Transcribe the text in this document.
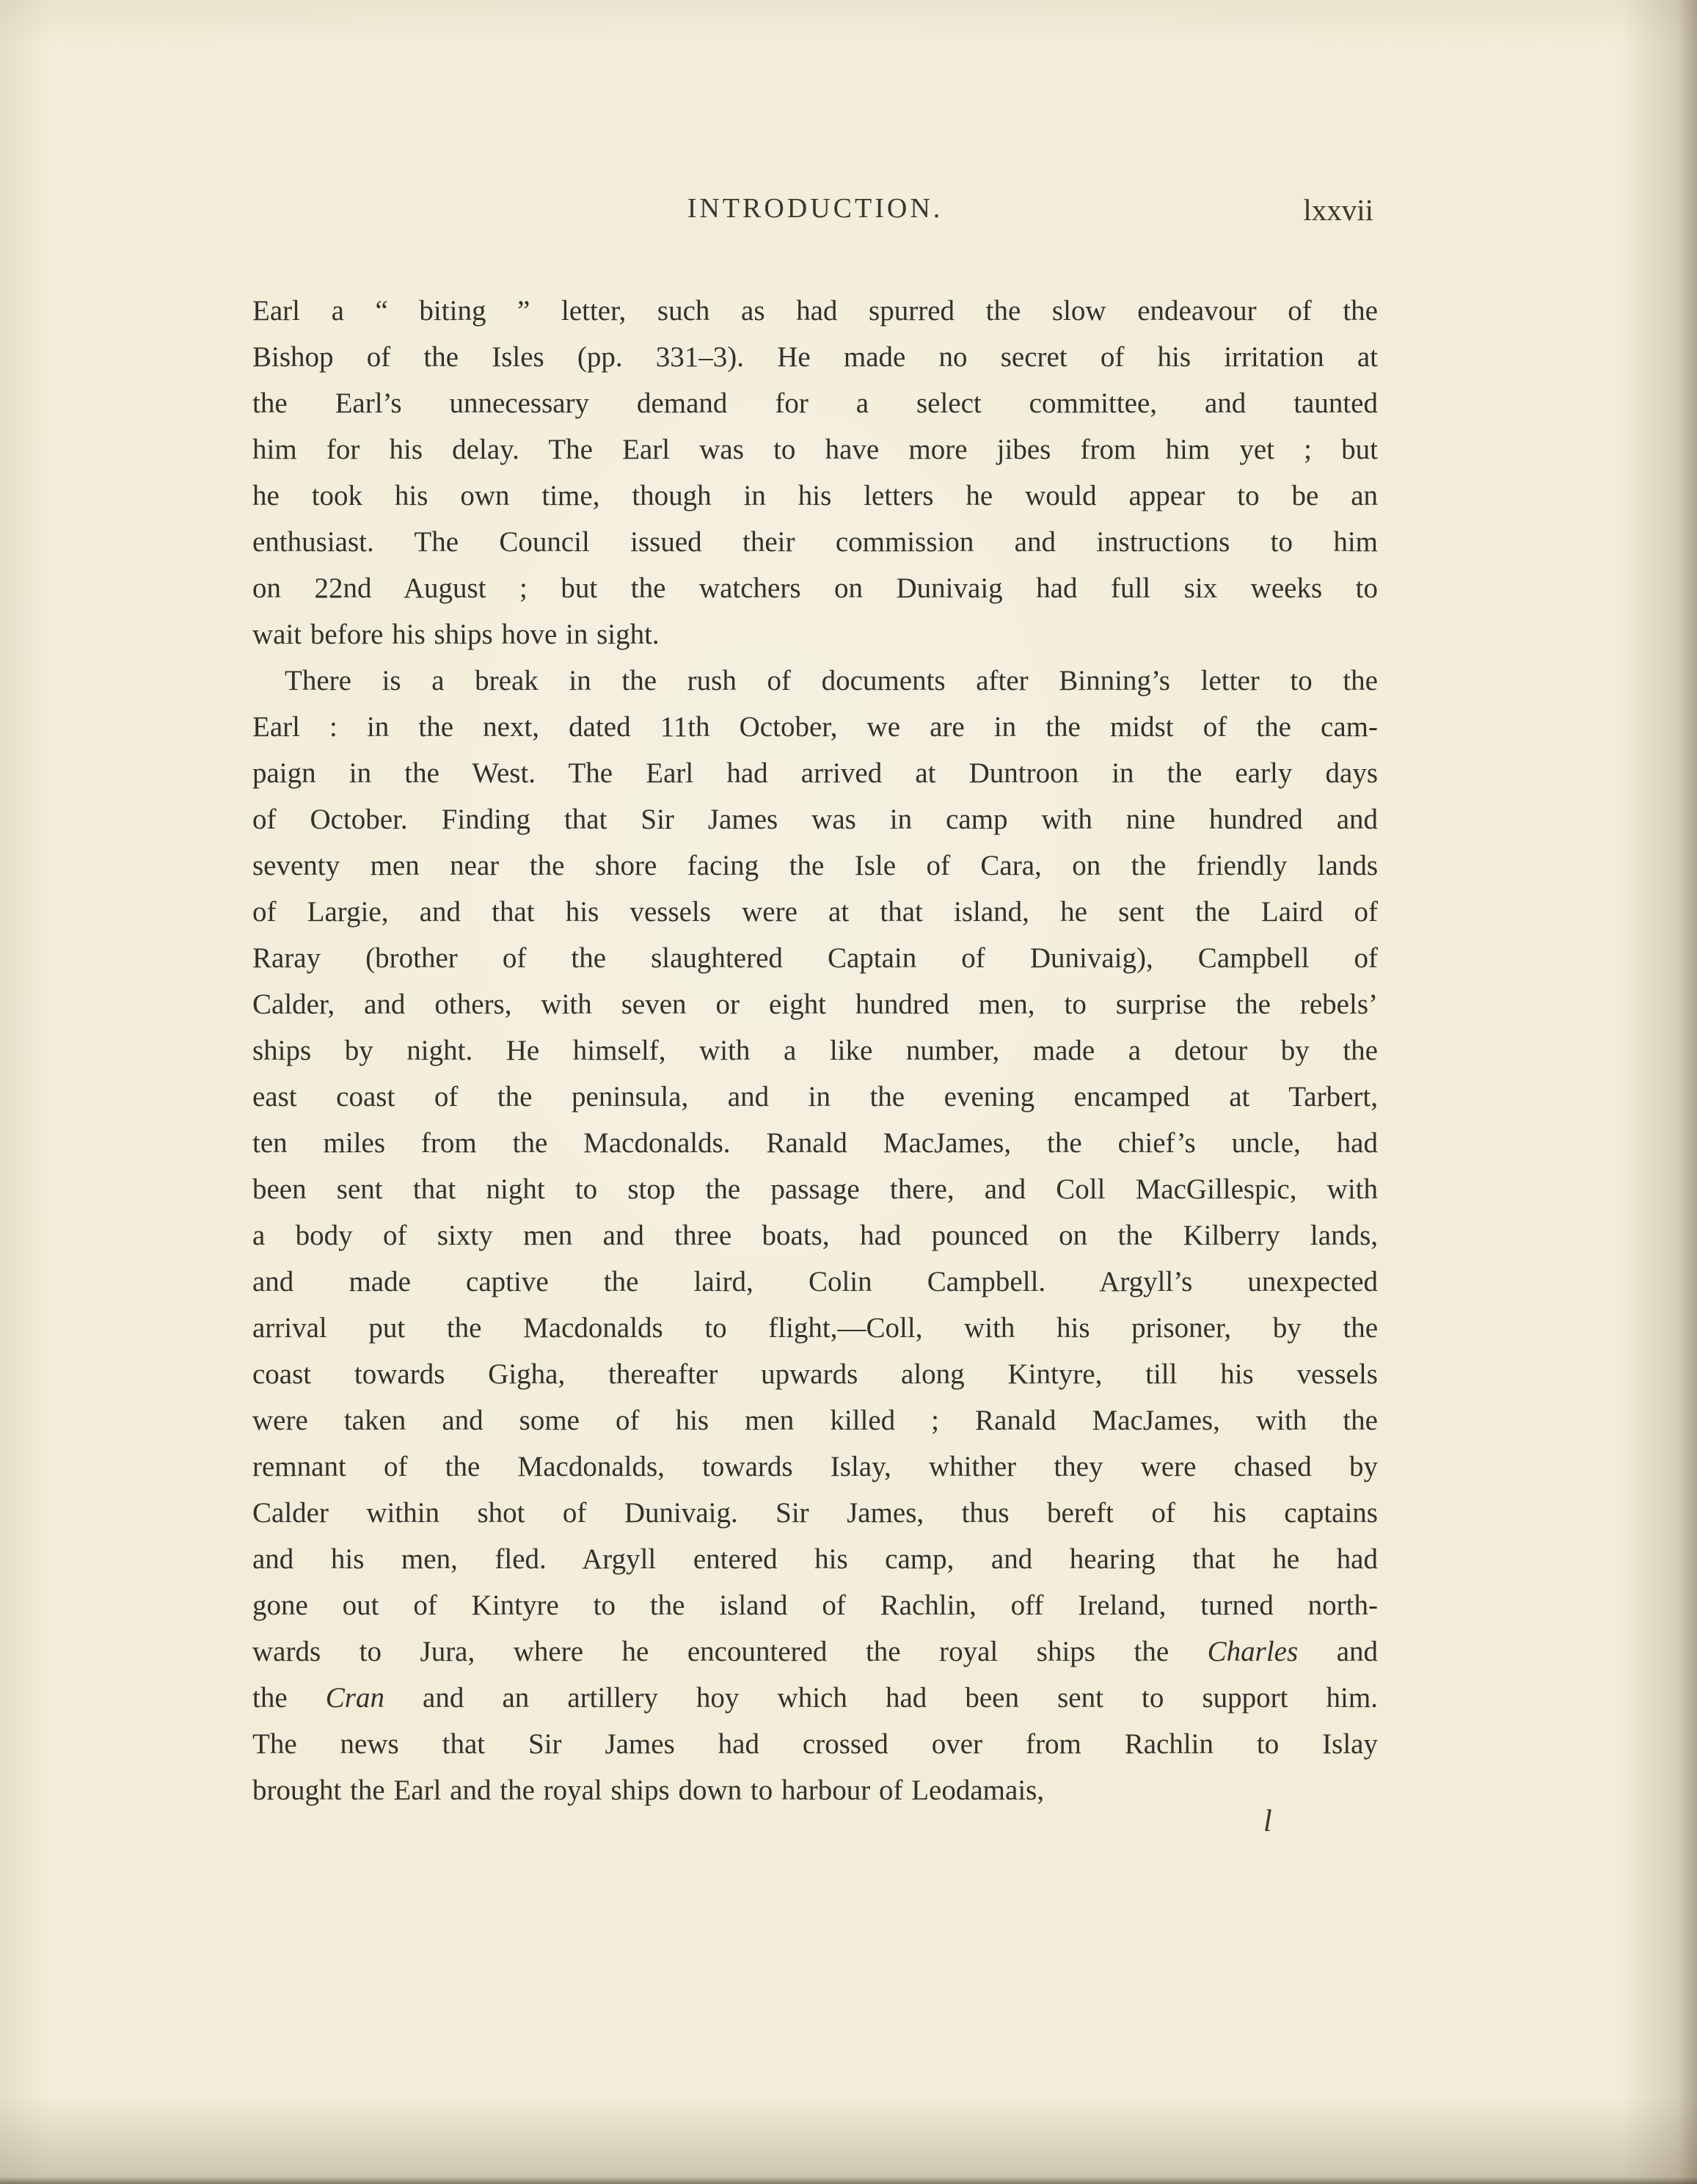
INTRODUCTION.	lxxvii
Earl a “ biting ” letter, such as had spurred the slow endeavour of the
Bishop of the Isles (pp. 331–3). He made no secret of his irritation at
the Earl’s unnecessary demand for a select committee, and taunted
him for his delay. The Earl was to have more jibes from him yet ; but
he took his own time, though in his letters he would appear to be an
enthusiast. The Council issued their commission and instructions to him
on 22nd August ; but the watchers on Dunivaig had full six weeks to
wait before his ships hove in sight.
There is a break in the rush of documents after Binning’s letter to the
Earl : in the next, dated 11th October, we are in the midst of the cam-
paign in the West. The Earl had arrived at Duntroon in the early days
of October. Finding that Sir James was in camp with nine hundred and
seventy men near the shore facing the Isle of Cara, on the friendly lands
of Largie, and that his vessels were at that island, he sent the Laird of
Raray (brother of the slaughtered Captain of Dunivaig), Campbell of
Calder, and others, with seven or eight hundred men, to surprise the rebels’
ships by night. He himself, with a like number, made a detour by the
east coast of the peninsula, and in the evening encamped at Tarbert,
ten miles from the Macdonalds. Ranald MacJames, the chief’s uncle, had
been sent that night to stop the passage there, and Coll MacGillespic, with
a body of sixty men and three boats, had pounced on the Kilberry lands,
and made captive the laird, Colin Campbell. Argyll’s unexpected
arrival put the Macdonalds to flight,—Coll, with his prisoner, by the
coast towards Gigha, thereafter upwards along Kintyre, till his vessels
were taken and some of his men killed ; Ranald MacJames, with the
remnant of the Macdonalds, towards Islay, whither they were chased by
Calder within shot of Dunivaig. Sir James, thus bereft of his captains
and his men, fled. Argyll entered his camp, and hearing that he had
gone out of Kintyre to the island of Rachlin, off Ireland, turned north-
wards to Jura, where he encountered the royal ships the Charles and
the Cran and an artillery hoy which had been sent to support him.
The news that Sir James had crossed over from Rachlin to Islay
brought the Earl and the royal ships down to harbour of Leodamais,
l
